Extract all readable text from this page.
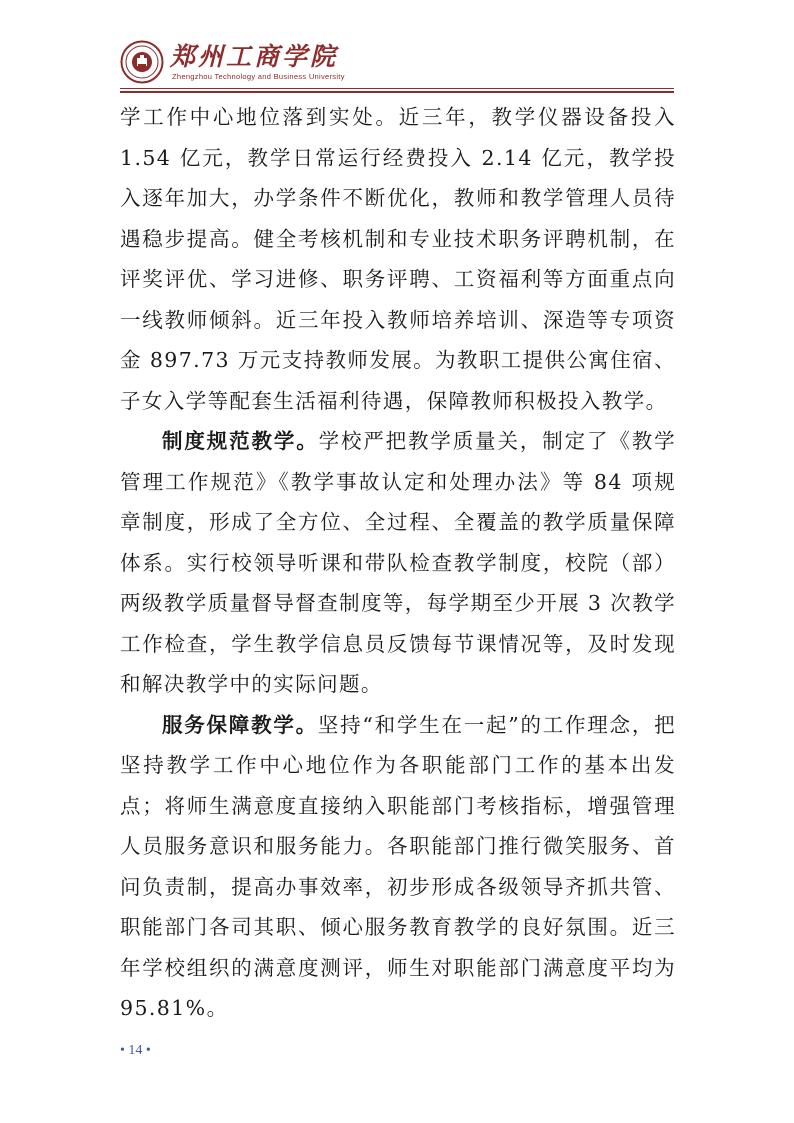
郑州工商学院
Zhengzhou Technology and Business University

学工作中心地位落到实处。近三年，教学仪器设备投入 1.54 亿元，教学日常运行经费投入 2.14 亿元，教学投入逐年加大，办学条件不断优化，教师和教学管理人员待遇稳步提高。健全考核机制和专业技术职务评聘机制，在评奖评优、学习进修、职务评聘、工资福利等方面重点向一线教师倾斜。近三年投入教师培养培训、深造等专项资金 897.73 万元支持教师发展。为教职工提供公寓住宿、子女入学等配套生活福利待遇，保障教师积极投入教学。

制度规范教学。学校严把教学质量关，制定了《教学管理工作规范》《教学事故认定和处理办法》等 84 项规章制度，形成了全方位、全过程、全覆盖的教学质量保障体系。实行校领导听课和带队检查教学制度，校院（部）两级教学质量督导督查制度等，每学期至少开展 3 次教学工作检查，学生教学信息员反馈每节课情况等，及时发现和解决教学中的实际问题。

服务保障教学。坚持“和学生在一起”的工作理念，把坚持教学工作中心地位作为各职能部门工作的基本出发点；将师生满意度直接纳入职能部门考核指标，增强管理人员服务意识和服务能力。各职能部门推行微笑服务、首问负责制，提高办事效率，初步形成各级领导齐抓共管、职能部门各司其职、倾心服务教育教学的良好氛围。近三年学校组织的满意度测评，师生对职能部门满意度平均为 95.81%。

• 14 •
